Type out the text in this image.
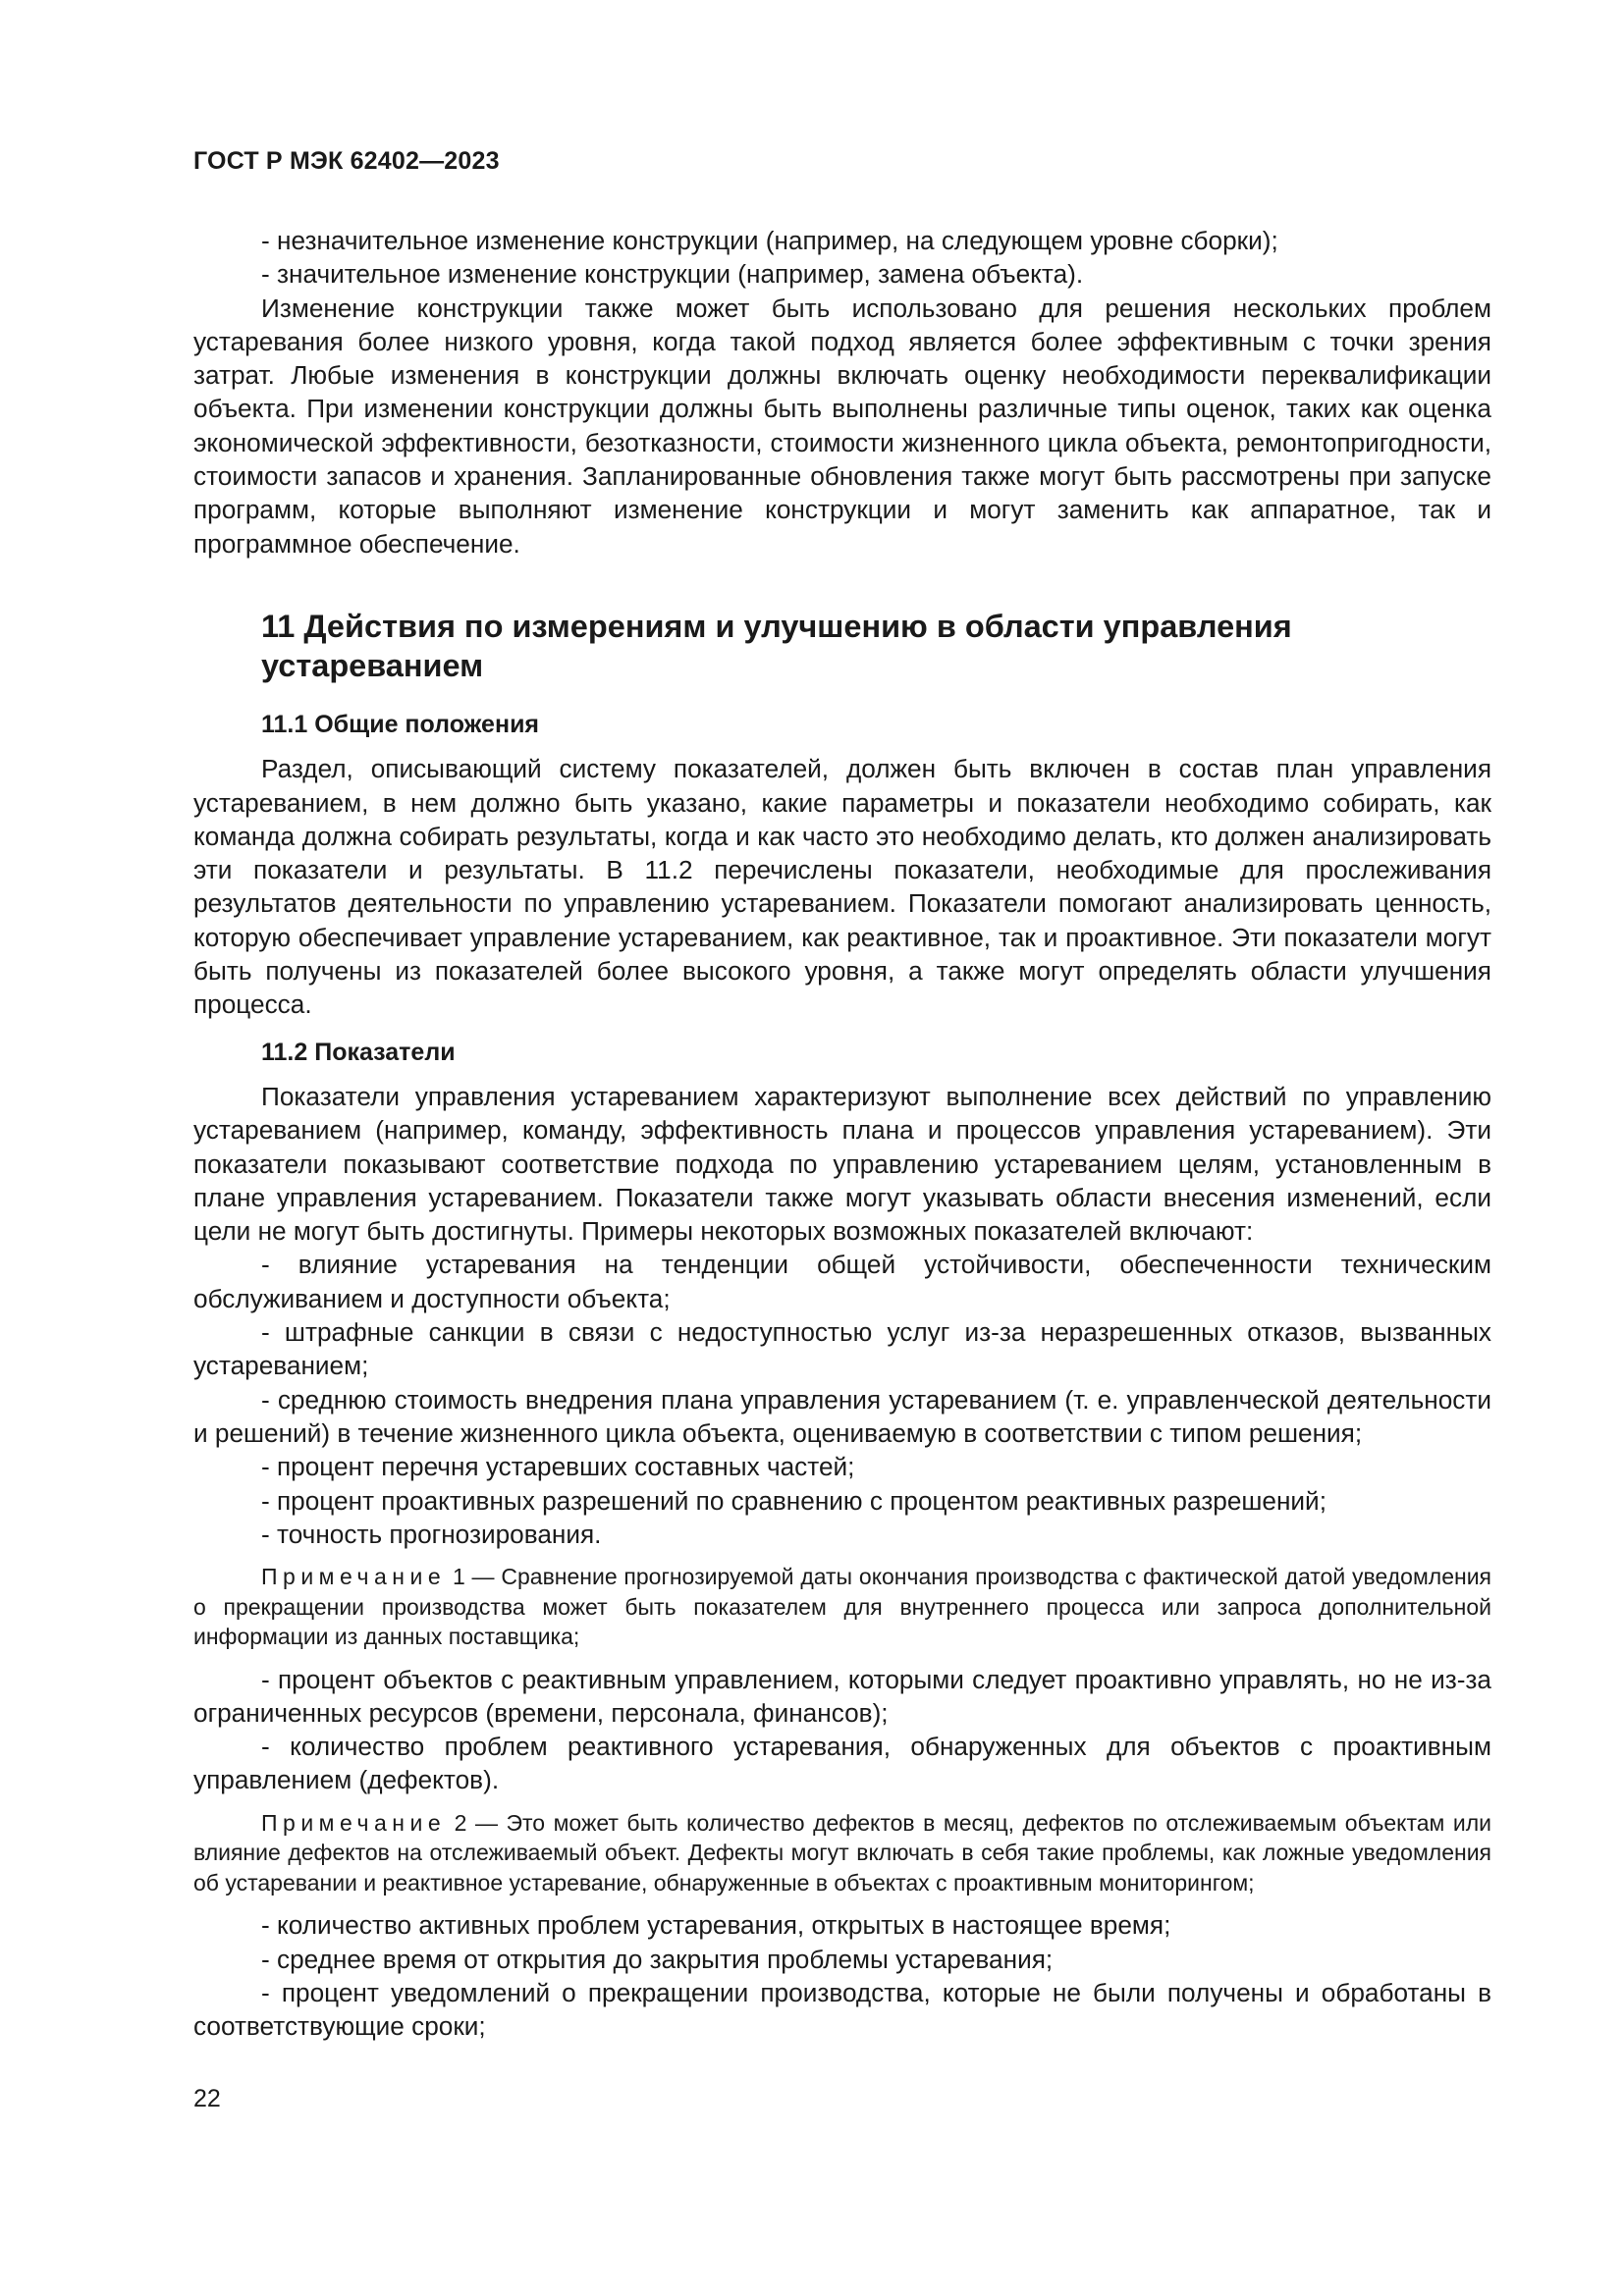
ГОСТ Р МЭК 62402—2023

- незначительное изменение конструкции (например, на следующем уровне сборки);

- значительное изменение конструкции (например, замена объекта).

Изменение конструкции также может быть использовано для решения нескольких проблем устаревания более низкого уровня, когда такой подход является более эффективным с точки зрения затрат. Любые изменения в конструкции должны включать оценку необходимости переквалификации объекта. При изменении конструкции должны быть выполнены различные типы оценок, таких как оценка экономической эффективности, безотказности, стоимости жизненного цикла объекта, ремонтопригодности, стоимости запасов и хранения. Запланированные обновления также могут быть рассмотрены при запуске программ, которые выполняют изменение конструкции и могут заменить как аппаратное, так и программное обеспечение.

11 Действия по измерениям и улучшению в области управления устареванием

11.1 Общие положения

Раздел, описывающий систему показателей, должен быть включен в состав план управления устареванием, в нем должно быть указано, какие параметры и показатели необходимо собирать, как команда должна собирать результаты, когда и как часто это необходимо делать, кто должен анализировать эти показатели и результаты. В 11.2 перечислены показатели, необходимые для прослеживания результатов деятельности по управлению устареванием. Показатели помогают анализировать ценность, которую обеспечивает управление устареванием, как реактивное, так и проактивное. Эти показатели могут быть получены из показателей более высокого уровня, а также могут определять области улучшения процесса.

11.2 Показатели

Показатели управления устареванием характеризуют выполнение всех действий по управлению устареванием (например, команду, эффективность плана и процессов управления устареванием). Эти показатели показывают соответствие подхода по управлению устареванием целям, установленным в плане управления устареванием. Показатели также могут указывать области внесения изменений, если цели не могут быть достигнуты. Примеры некоторых возможных показателей включают:

- влияние устаревания на тенденции общей устойчивости, обеспеченности техническим обслуживанием и доступности объекта;

- штрафные санкции в связи с недоступностью услуг из-за неразрешенных отказов, вызванных устареванием;

- среднюю стоимость внедрения плана управления устареванием (т. е. управленческой деятельности и решений) в течение жизненного цикла объекта, оцениваемую в соответствии с типом решения;

- процент перечня устаревших составных частей;

- процент проактивных разрешений по сравнению с процентом реактивных разрешений;

- точность прогнозирования.

Примечание 1 — Сравнение прогнозируемой даты окончания производства с фактической датой уведомления о прекращении производства может быть показателем для внутреннего процесса или запроса дополнительной информации из данных поставщика;

- процент объектов с реактивным управлением, которыми следует проактивно управлять, но не из-за ограниченных ресурсов (времени, персонала, финансов);

- количество проблем реактивного устаревания, обнаруженных для объектов с проактивным управлением (дефектов).

Примечание 2 — Это может быть количество дефектов в месяц, дефектов по отслеживаемым объектам или влияние дефектов на отслеживаемый объект. Дефекты могут включать в себя такие проблемы, как ложные уведомления об устаревании и реактивное устаревание, обнаруженные в объектах с проактивным мониторингом;

- количество активных проблем устаревания, открытых в настоящее время;

- среднее время от открытия до закрытия проблемы устаревания;

- процент уведомлений о прекращении производства, которые не были получены и обработаны в соответствующие сроки;

22
